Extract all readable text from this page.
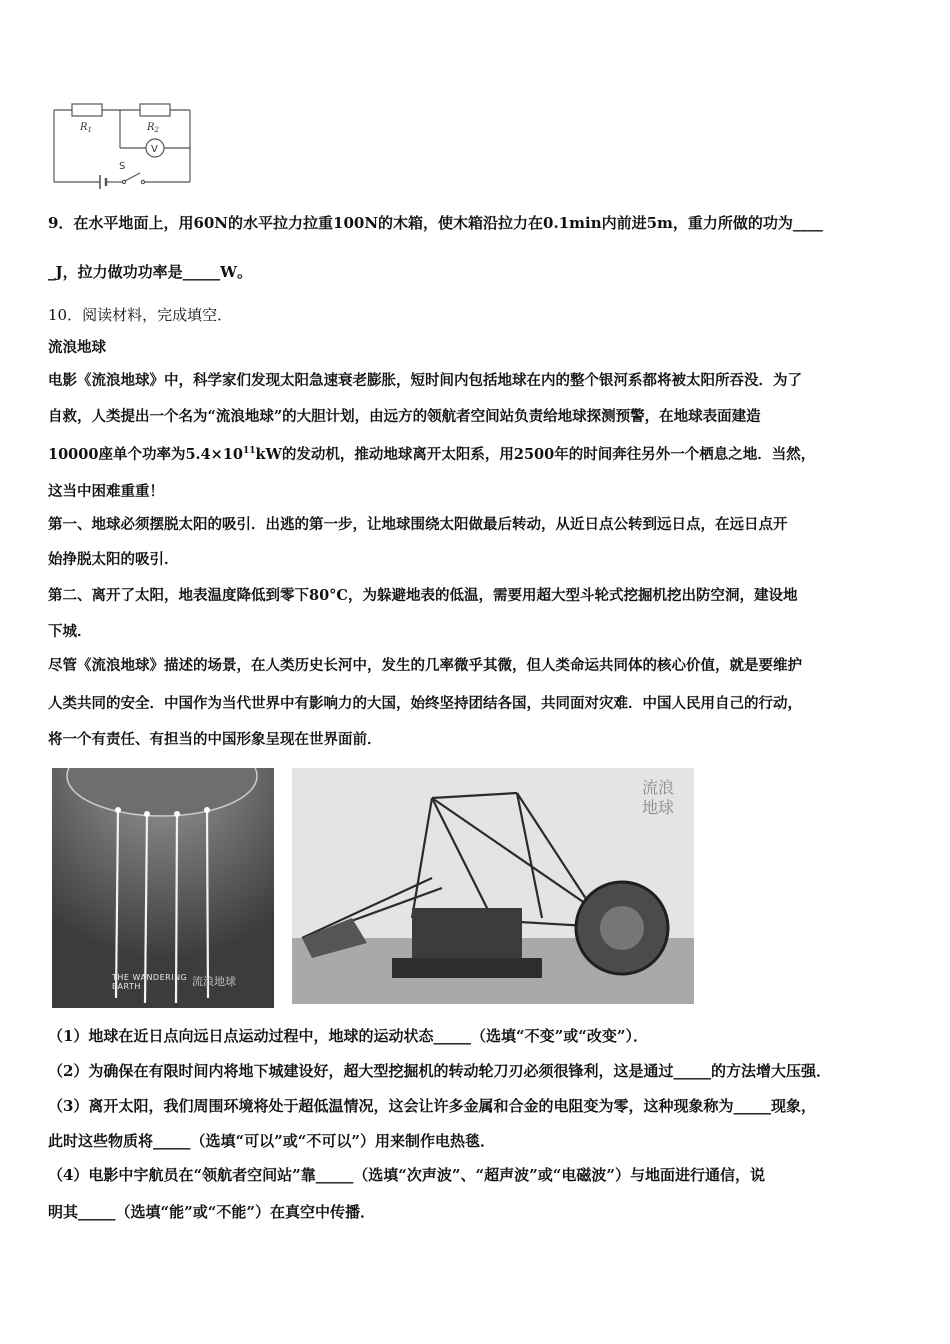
$R_1$	$R_2$
V
S
9．在水平地面上，用60N的水平拉力拉重100N的木箱，使木箱沿拉力在0.1min内前进5m，重力所做的功为____
_J，拉力做功功率是_____W。
10．阅读材料，完成填空．
流浪地球
电影《流浪地球》中，科学家们发现太阳急速衰老膨胀，短时间内包括地球在内的整个银河系都将被太阳所吞没．为了
自救，人类提出一个名为“流浪地球”的大胆计划，由远方的领航者空间站负责给地球探测预警，在地球表面建造
10000座单个功率为$5.4\times 10^{11}kW$的发动机，推动地球离开太阳系，用2500年的时间奔往另外一个栖息之地．当然，
这当中困难重重！
第一、地球必须摆脱太阳的吸引．出逃的第一步，让地球围绕太阳做最后转动，从近日点公转到远日点，在远日点开
始挣脱太阳的吸引．
第二、离开了太阳，地表温度降低到零下80°C，为躲避地表的低温，需要用超大型斗轮式挖掘机挖出防空洞，建设地
下城．
尽管《流浪地球》描述的场景，在人类历史长河中，发生的几率微乎其微，但人类命运共同体的核心价值，就是要维护
人类共同的安全．中国作为当代世界中有影响力的大国，始终坚持团结各国，共同面对灾难．中国人民用自己的行动，
将一个有责任、有担当的中国形象呈现在世界面前．
THE WANDERING EARTH	流浪地球
流浪
地球
（1）地球在近日点向远日点运动过程中，地球的运动状态_____（选填“不变”或“改变”）．
（2）为确保在有限时间内将地下城建设好，超大型挖掘机的转动轮刀刃必须很锋利，这是通过_____的方法增大压强．
（3）离开太阳，我们周围环境将处于超低温情况，这会让许多金属和合金的电阻变为零，这种现象称为_____现象，
此时这些物质将_____（选填“可以”或“不可以”）用来制作电热毯．
（4）电影中宇航员在“领航者空间站”靠_____（选填“次声波”、“超声波”或“电磁波”）与地面进行通信，说
明其_____（选填“能”或“不能”）在真空中传播．
